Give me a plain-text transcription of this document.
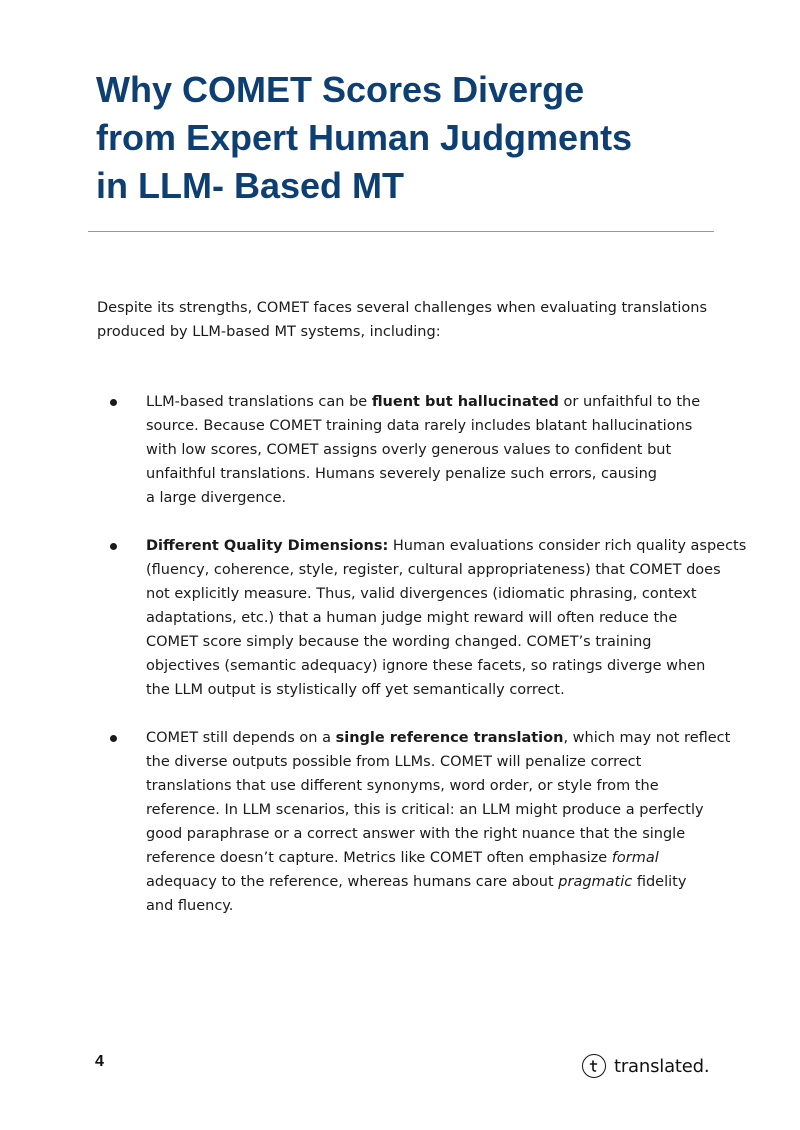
Why COMET Scores Diverge
from Expert Human Judgments
in LLM- Based MT

Despite its strengths, COMET faces several challenges when evaluating translations
produced by LLM-based MT systems, including:

LLM-based translations can be fluent but hallucinated or unfaithful to the
source. Because COMET training data rarely includes blatant hallucinations
with low scores, COMET assigns overly generous values to confident but
unfaithful translations. Humans severely penalize such errors, causing
a large divergence.

Different Quality Dimensions: Human evaluations consider rich quality aspects
(fluency, coherence, style, register, cultural appropriateness) that COMET does
not explicitly measure. Thus, valid divergences (idiomatic phrasing, context
adaptations, etc.) that a human judge might reward will often reduce the
COMET score simply because the wording changed. COMET’s training
objectives (semantic adequacy) ignore these facets, so ratings diverge when
the LLM output is stylistically off yet semantically correct.

COMET still depends on a single reference translation, which may not reflect
the diverse outputs possible from LLMs. COMET will penalize correct
translations that use different synonyms, word order, or style from the
reference. In LLM scenarios, this is critical: an LLM might produce a perfectly
good paraphrase or a correct answer with the right nuance that the single
reference doesn’t capture. Metrics like COMET often emphasize formal
adequacy to the reference, whereas humans care about pragmatic fidelity
and fluency.

4	translated.
